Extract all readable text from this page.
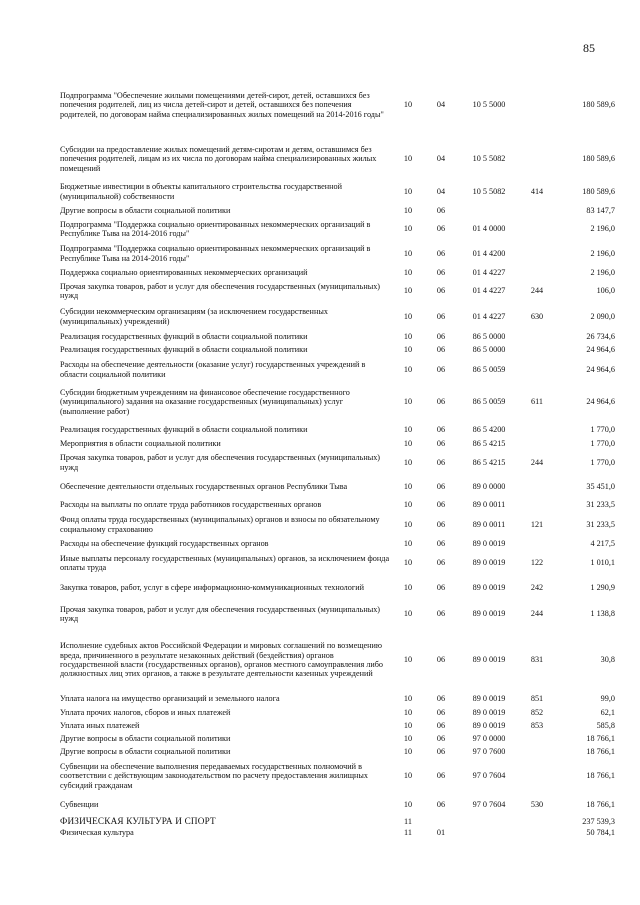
85
Подпрограмма "Обеспечение жилыми помещениями детей-сирот, детей, оставшихся без попечения родителей, лиц из числа детей-сирот и детей, оставшихся без попечения родителей, по договорам найма специализированных жилых помещений на 2014-2016 годы"	10	04	10 5 5000		180 589,6
Субсидии на предоставление жилых помещений детям-сиротам и детям, оставшимся без попечения родителей, лицам из их числа по договорам найма специализированных жилых помещений	10	04	10 5 5082		180 589,6
Бюджетные инвестиции в объекты капитального строительства государственной (муниципальной) собственности	10	04	10 5 5082	414	180 589,6
Другие вопросы в области социальной политики	10	06			83 147,7
Подпрограмма "Поддержка социально ориентированных некоммерческих организаций в Республике Тыва на 2014-2016 годы"	10	06	01 4 0000		2 196,0
Подпрограмма "Поддержка социально ориентированных некоммерческих организаций в Республике Тыва на 2014-2016 годы"	10	06	01 4 4200		2 196,0
Поддержка социально ориентированных некоммерческих организаций	10	06	01 4 4227		2 196,0
Прочая закупка товаров, работ и услуг для обеспечения государственных (муниципальных) нужд	10	06	01 4 4227	244	106,0
Субсидии некоммерческим организациям (за исключением государственных (муниципальных) учреждений)	10	06	01 4 4227	630	2 090,0
Реализация государственных функций в области социальной политики	10	06	86 5 0000		26 734,6
Реализация государственных функций в области социальной политики	10	06	86 5 0000		24 964,6
Расходы на обеспечение деятельности (оказание услуг) государственных учреждений в области социальной политики	10	06	86 5 0059		24 964,6
Субсидии бюджетным учреждениям на финансовое обеспечение государственного (муниципального) задания на оказание государственных (муниципальных) услуг (выполнение работ)	10	06	86 5 0059	611	24 964,6
Реализация государственных функций в области социальной политики	10	06	86 5 4200		1 770,0
Мероприятия в области социальной политики	10	06	86 5 4215		1 770,0
Прочая закупка товаров, работ и услуг для обеспечения государственных (муниципальных) нужд	10	06	86 5 4215	244	1 770,0
Обеспечение деятельности отдельных государственных органов Республики Тыва	10	06	89 0 0000		35 451,0
Расходы на выплаты по оплате труда работников государственных органов	10	06	89 0 0011		31 233,5
Фонд оплаты труда государственных (муниципальных) органов и взносы по обязательному социальному страхованию	10	06	89 0 0011	121	31 233,5
Расходы на обеспечение функций государственных органов	10	06	89 0 0019		4 217,5
Иные выплаты персоналу государственных (муниципальных) органов, за исключением фонда оплаты труда	10	06	89 0 0019	122	1 010,1
Закупка товаров, работ, услуг в сфере информационно-коммуникационных технологий	10	06	89 0 0019	242	1 290,9
Прочая закупка товаров, работ и услуг для обеспечения государственных (муниципальных) нужд	10	06	89 0 0019	244	1 138,8
Исполнение судебных актов Российской Федерации и мировых соглашений по возмещению вреда, причиненного в результате незаконных действий (бездействия) органов государственной власти (государственных органов), органов местного самоуправления либо должностных лиц этих органов, а также в результате деятельности казенных учреждений	10	06	89 0 0019	831	30,8
Уплата налога на имущество организаций и земельного налога	10	06	89 0 0019	851	99,0
Уплата прочих налогов, сборов и иных платежей	10	06	89 0 0019	852	62,1
Уплата иных платежей	10	06	89 0 0019	853	585,8
Другие вопросы в области социальной политики	10	06	97 0 0000		18 766,1
Другие вопросы в области социальной политики	10	06	97 0 7600		18 766,1
Субвенции на обеспечение выполнения передаваемых государственных полномочий в соответствии с действующим законодательством по расчету предоставления жилищных субсидий гражданам	10	06	97 0 7604		18 766,1
Субвенции	10	06	97 0 7604	530	18 766,1
ФИЗИЧЕСКАЯ КУЛЬТУРА И СПОРТ	11				237 539,3
Физическая культура	11	01			50 784,1
